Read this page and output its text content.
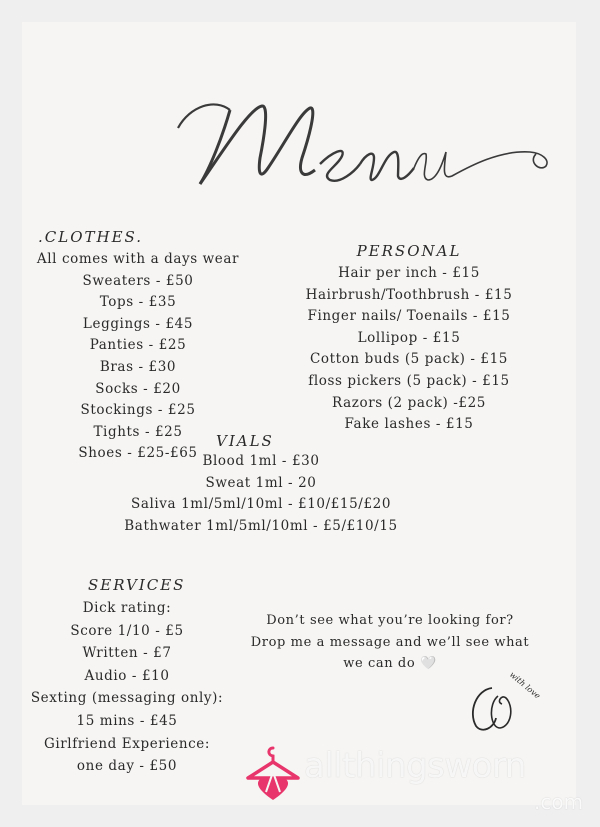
.CLOTHES.
All comes with a days wear
Sweaters - £50
Tops - £35
Leggings - £45
Panties - £25
Bras - £30
Socks - £20
Stockings - £25
Tights - £25
Shoes - £25-£65
PERSONAL
Hair per inch - £15
Hairbrush/Toothbrush - £15
Finger nails/ Toenails - £15
Lollipop - £15
Cotton buds (5 pack) - £15
floss pickers (5 pack) - £15
Razors (2 pack) -£25
Fake lashes - £15
VIALS
Blood 1ml - £30
Sweat 1ml - 20
Saliva 1ml/5ml/10ml - £10/£15/£20
Bathwater 1ml/5ml/10ml - £5/£10/15
SERVICES
Dick rating:
Score 1/10 - £5
Written - £7
Audio - £10
Sexting (messaging only):
15 mins - £45
Girlfriend Experience:
one day - £50
Don’t see what you’re looking for?
Drop me a message and we’ll see what
we can do 🤍
with love
allthingsworn
.com
